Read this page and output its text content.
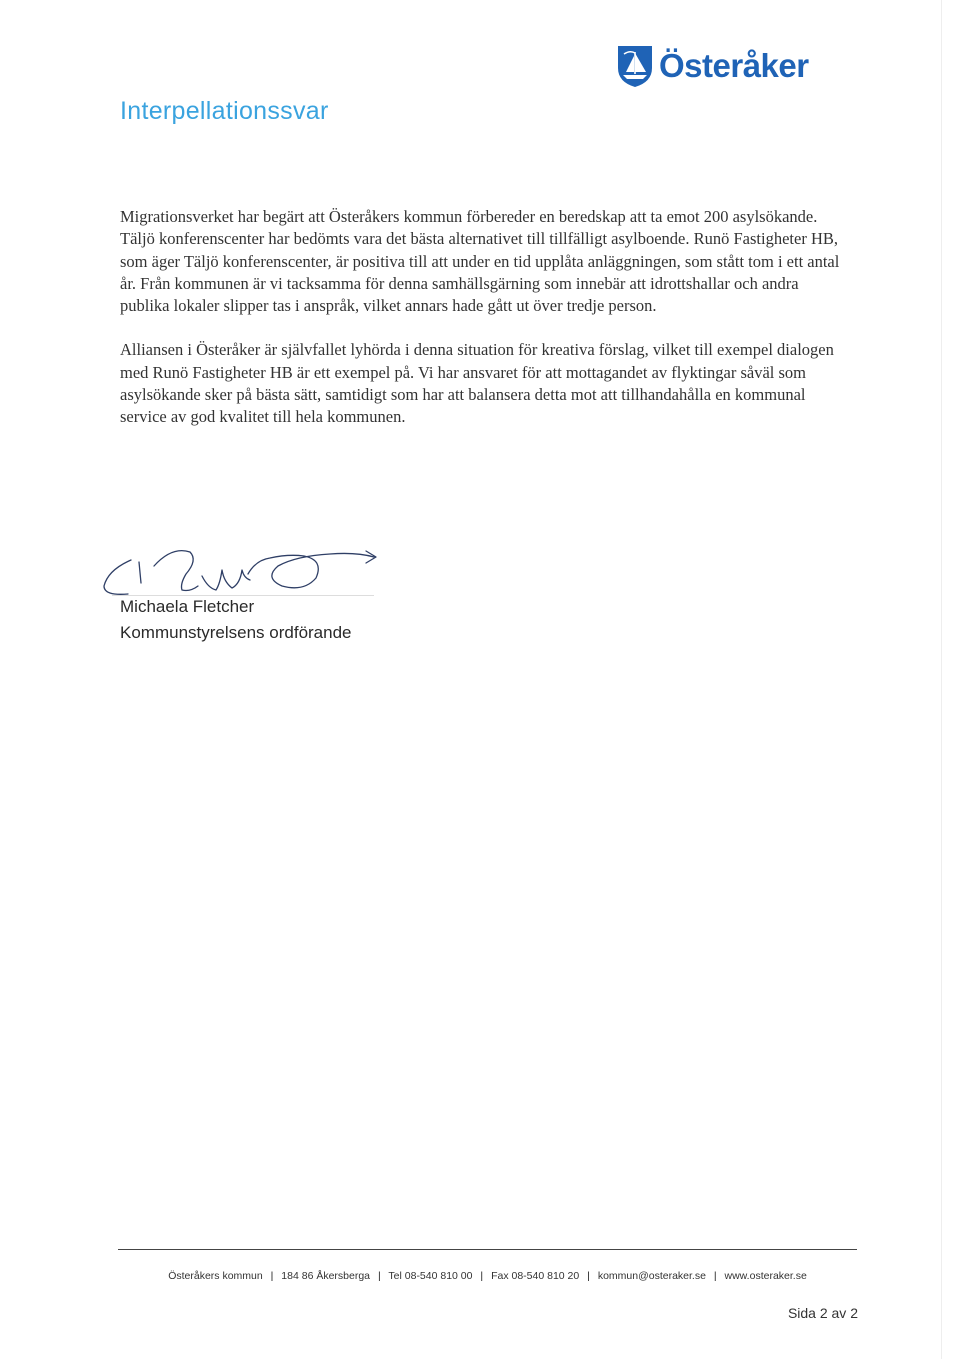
Österåker
Interpellationssvar

Migrationsverket har begärt att Österåkers kommun förbereder en beredskap att ta emot 200 asylsökande. Täljö konferenscenter har bedömts vara det bästa alternativet till tillfälligt asylboende. Runö Fastigheter HB, som äger Täljö konferenscenter, är positiva till att under en tid upplåta anläggningen, som stått tom i ett antal år. Från kommunen är vi tacksamma för denna samhällsgärning som innebär att idrottshallar och andra publika lokaler slipper tas i anspråk, vilket annars hade gått ut över tredje person.

Alliansen i Österåker är självfallet lyhörda i denna situation för kreativa förslag, vilket till exempel dialogen med Runö Fastigheter HB är ett exempel på. Vi har ansvaret för att mottagandet av flyktingar såväl som asylsökande sker på bästa sätt, samtidigt som har att balansera detta mot att tillhandahålla en kommunal service av god kvalitet till hela kommunen.

Michaela Fletcher
Kommunstyrelsens ordförande
Österåkers kommun | 184 86 Åkersberga | Tel 08-540 810 00 | Fax 08-540 810 20 | kommun@osteraker.se | www.osteraker.se
Sida 2 av 2
